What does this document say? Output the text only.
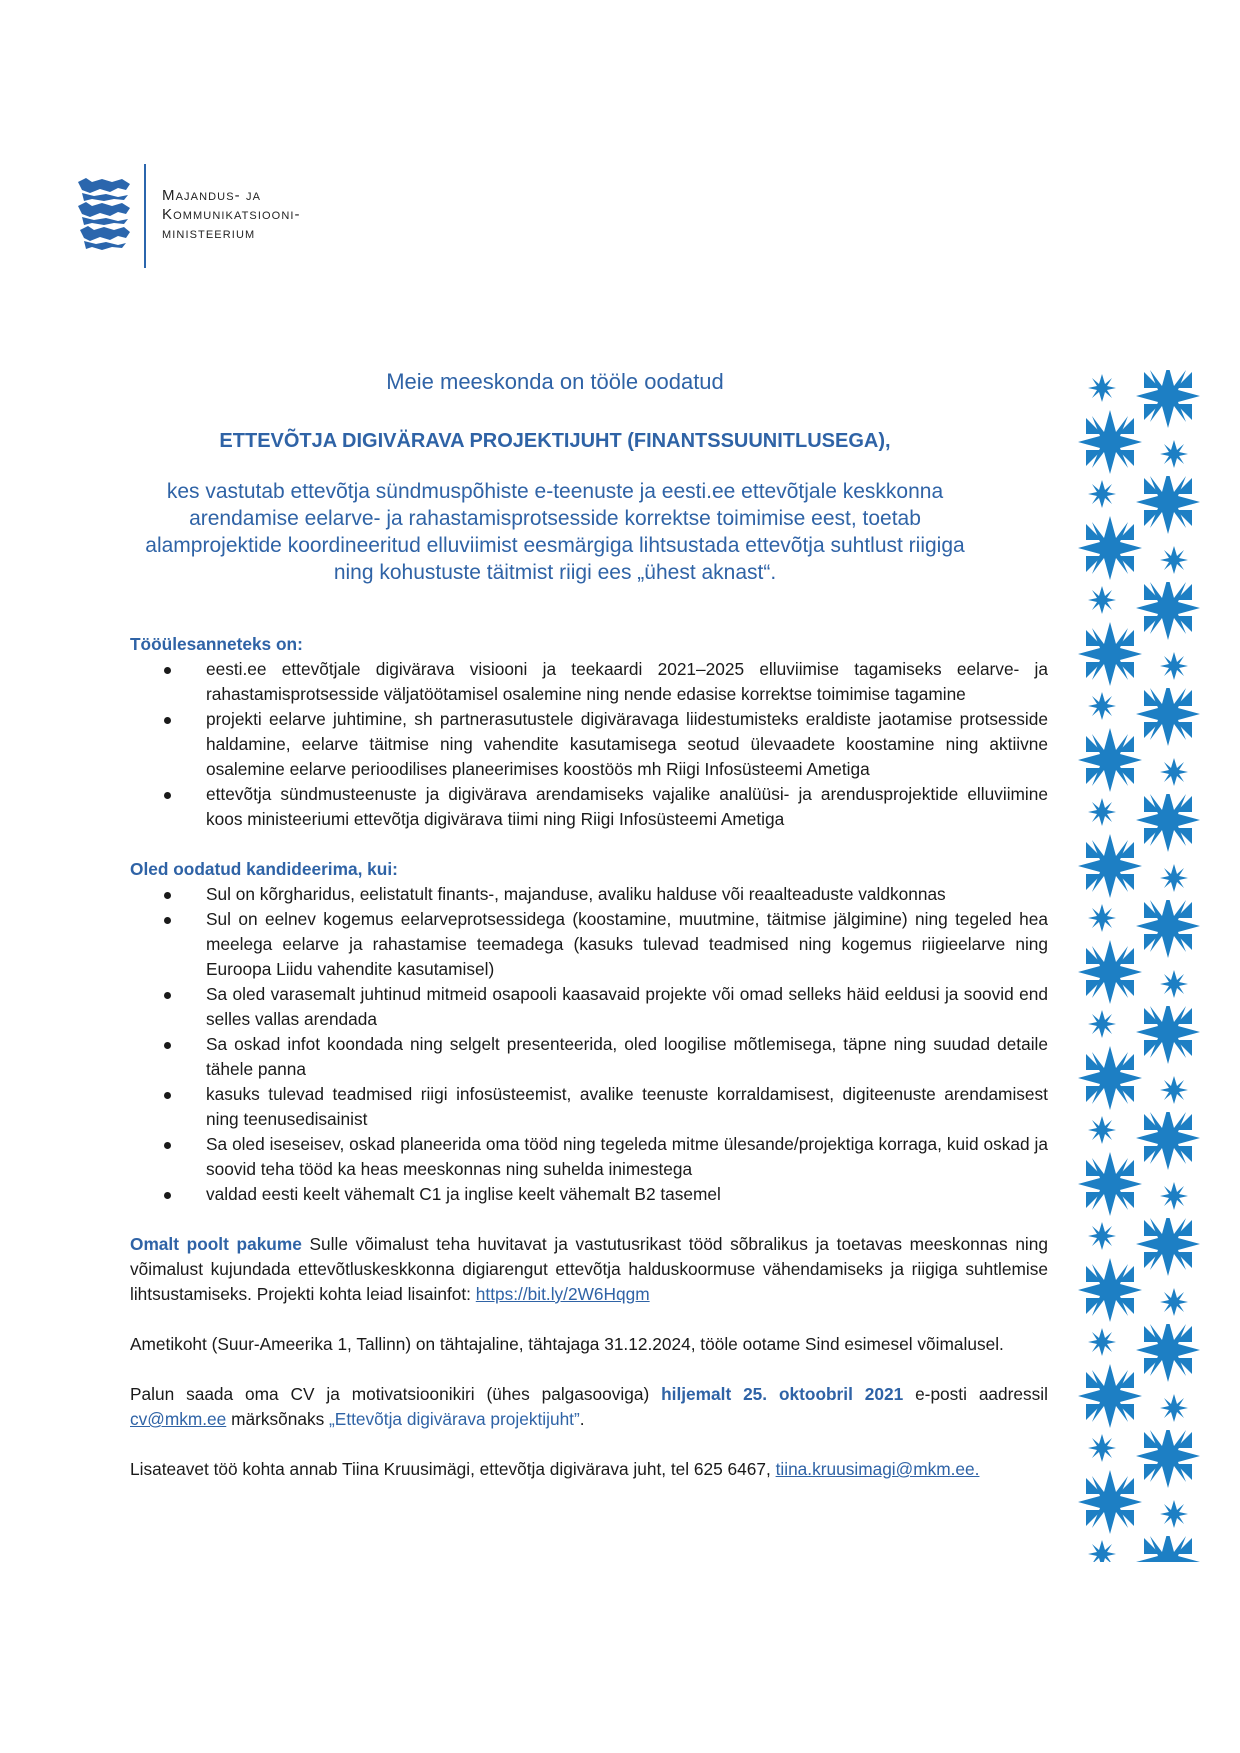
Majandus- ja
Kommunikatsiooni-
ministeerium

Meie meeskonda on tööle oodatud

ETTEVÕTJA DIGIVÄRAVA PROJEKTIJUHT (FINANTSSUUNITLUSEGA),

kes vastutab ettevõtja sündmuspõhiste e-teenuste ja eesti.ee ettevõtjale keskkonna arendamise eelarve- ja rahastamisprotsesside korrektse toimimise eest, toetab alamprojektide koordineeritud elluviimist eesmärgiga lihtsustada ettevõtja suhtlust riigiga ning kohustuste täitmist riigi ees „ühest aknast“.

Tööülesanneteks on:

eesti.ee ettevõtjale digivärava visiooni ja teekaardi 2021–2025 elluviimise tagamiseks eelarve- ja rahastamisprotsesside väljatöötamisel osalemine ning nende edasise korrektse toimimise tagamine
projekti eelarve juhtimine, sh partnerasutustele digiväravaga liidestumisteks eraldiste jaotamise protsesside haldamine, eelarve täitmise ning vahendite kasutamisega seotud ülevaadete koostamine ning aktiivne osalemine eelarve perioodilises planeerimises koostöös mh Riigi Infosüsteemi Ametiga
ettevõtja sündmusteenuste ja digivärava arendamiseks vajalike analüüsi- ja arendusprojektide elluviimine koos ministeeriumi ettevõtja digivärava tiimi ning Riigi Infosüsteemi Ametiga

Oled oodatud kandideerima, kui:

Sul on kõrgharidus, eelistatult finants-, majanduse, avaliku halduse või reaalteaduste valdkonnas
Sul on eelnev kogemus eelarveprotsessidega (koostamine, muutmine, täitmise jälgimine) ning tegeled hea meelega eelarve ja rahastamise teemadega (kasuks tulevad teadmised ning kogemus riigieelarve ning Euroopa Liidu vahendite kasutamisel)
Sa oled varasemalt juhtinud mitmeid osapooli kaasavaid projekte või omad selleks häid eeldusi ja soovid end selles vallas arendada
Sa oskad infot koondada ning selgelt presenteerida, oled loogilise mõtlemisega, täpne ning suudad detaile tähele panna
kasuks tulevad teadmised riigi infosüsteemist, avalike teenuste korraldamisest, digiteenuste arendamisest ning teenusedisainist
Sa oled iseseisev, oskad planeerida oma tööd ning tegeleda mitme ülesande/projektiga korraga, kuid oskad ja soovid teha tööd ka heas meeskonnas ning suhelda inimestega
valdad eesti keelt vähemalt C1 ja inglise keelt vähemalt B2 tasemel

Omalt poolt pakume Sulle võimalust teha huvitavat ja vastutusrikast tööd sõbralikus ja toetavas meeskonnas ning võimalust kujundada ettevõtluskeskkonna digiarengut ettevõtja halduskoormuse vähendamiseks ja riigiga suhtlemise lihtsustamiseks. Projekti kohta leiad lisainfot: https://bit.ly/2W6Hqgm

Ametikoht (Suur-Ameerika 1, Tallinn) on tähtajaline, tähtajaga 31.12.2024, tööle ootame Sind esimesel võimalusel.

Palun saada oma CV ja motivatsioonikiri (ühes palgasooviga) hiljemalt 25. oktoobril 2021 e-posti aadressil cv@mkm.ee märksõnaks „Ettevõtja digivärava projektijuht”.

Lisateavet töö kohta annab Tiina Kruusimägi, ettevõtja digivärava juht, tel 625 6467, tiina.kruusimagi@mkm.ee.
